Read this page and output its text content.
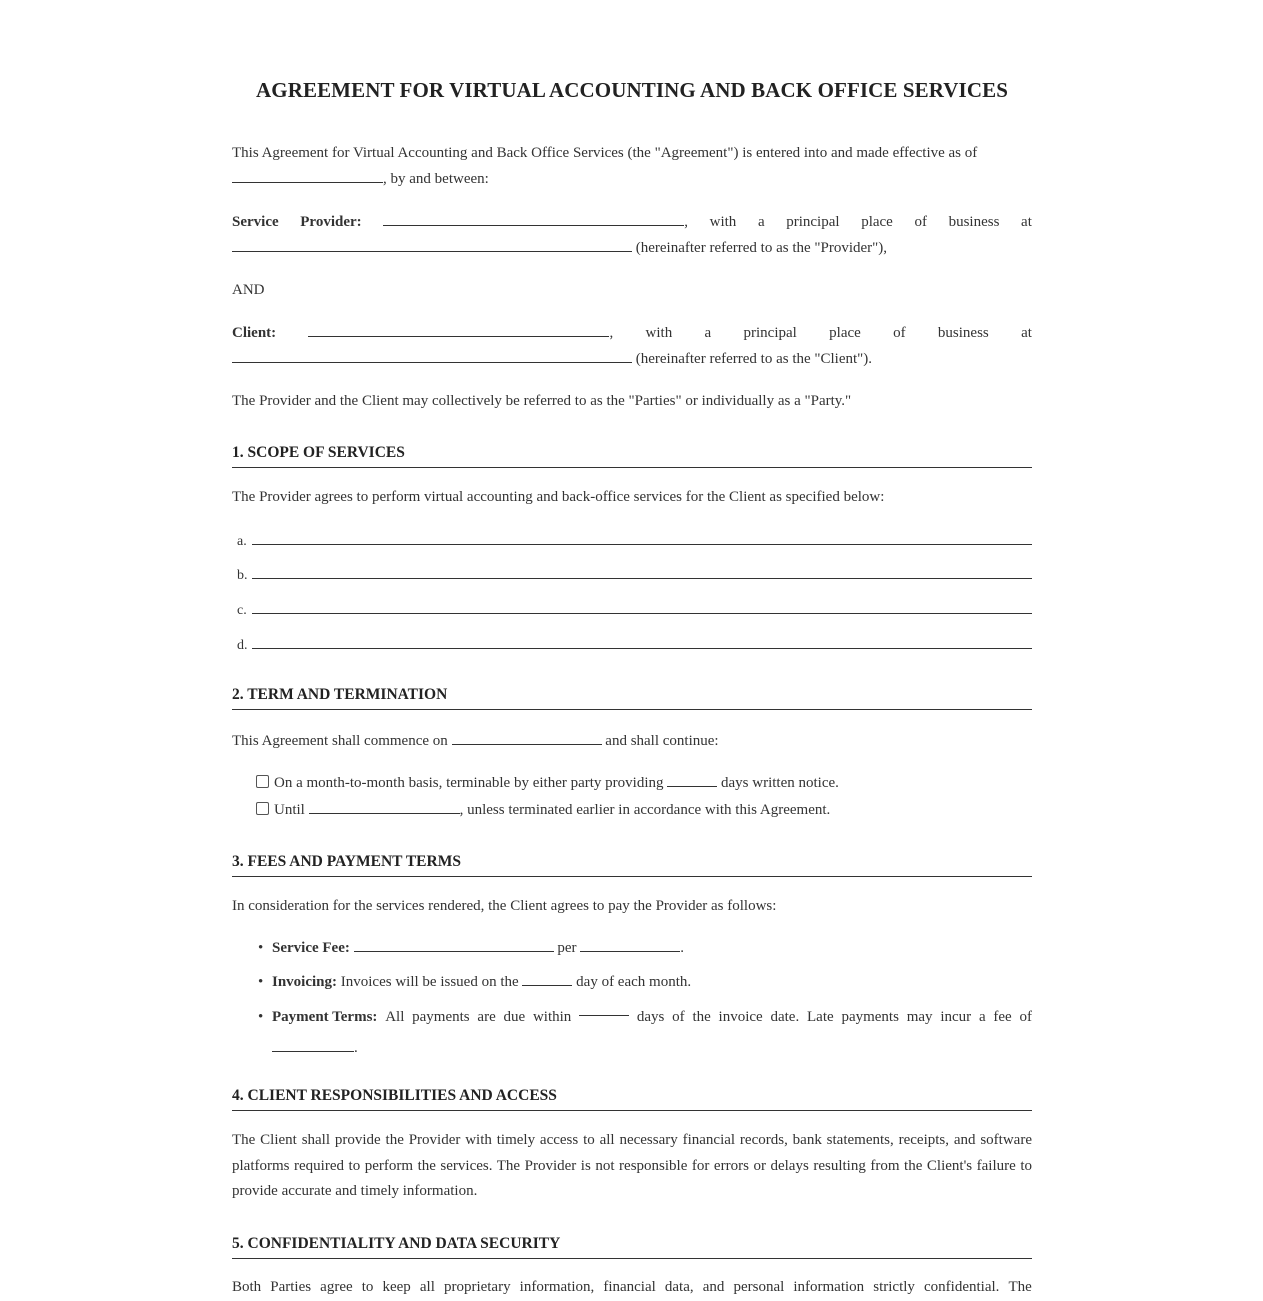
AGREEMENT FOR VIRTUAL ACCOUNTING AND BACK OFFICE SERVICES
This Agreement for Virtual Accounting and Back Office Services (the "Agreement") is entered into and made effective as of
, by and between:
Service Provider:	, with a principal place of business at
(hereinafter referred to as the "Provider"),
AND
Client:	, with a principal place of business at
(hereinafter referred to as the "Client").
The Provider and the Client may collectively be referred to as the "Parties" or individually as a "Party."
1. SCOPE OF SERVICES
The Provider agrees to perform virtual accounting and back-office services for the Client as specified below:
a.
b.
c.
d.
2. TERM AND TERMINATION
This Agreement shall commence on	and shall continue:
On a month-to-month basis, terminable by either party providing	days written notice.
Until	, unless terminated earlier in accordance with this Agreement.
3. FEES AND PAYMENT TERMS
In consideration for the services rendered, the Client agrees to pay the Provider as follows:
• Service Fee:	per	.
• Invoicing: Invoices will be issued on the	day of each month.
• Payment Terms: All payments are due within	days of the invoice date. Late payments may incur a fee of
.
4. CLIENT RESPONSIBILITIES AND ACCESS
The Client shall provide the Provider with timely access to all necessary financial records, bank statements, receipts, and software platforms required to perform the services. The Provider is not responsible for errors or delays resulting from the Client's failure to provide accurate and timely information.
5. CONFIDENTIALITY AND DATA SECURITY
Both Parties agree to keep all proprietary information, financial data, and personal information strictly confidential. The
